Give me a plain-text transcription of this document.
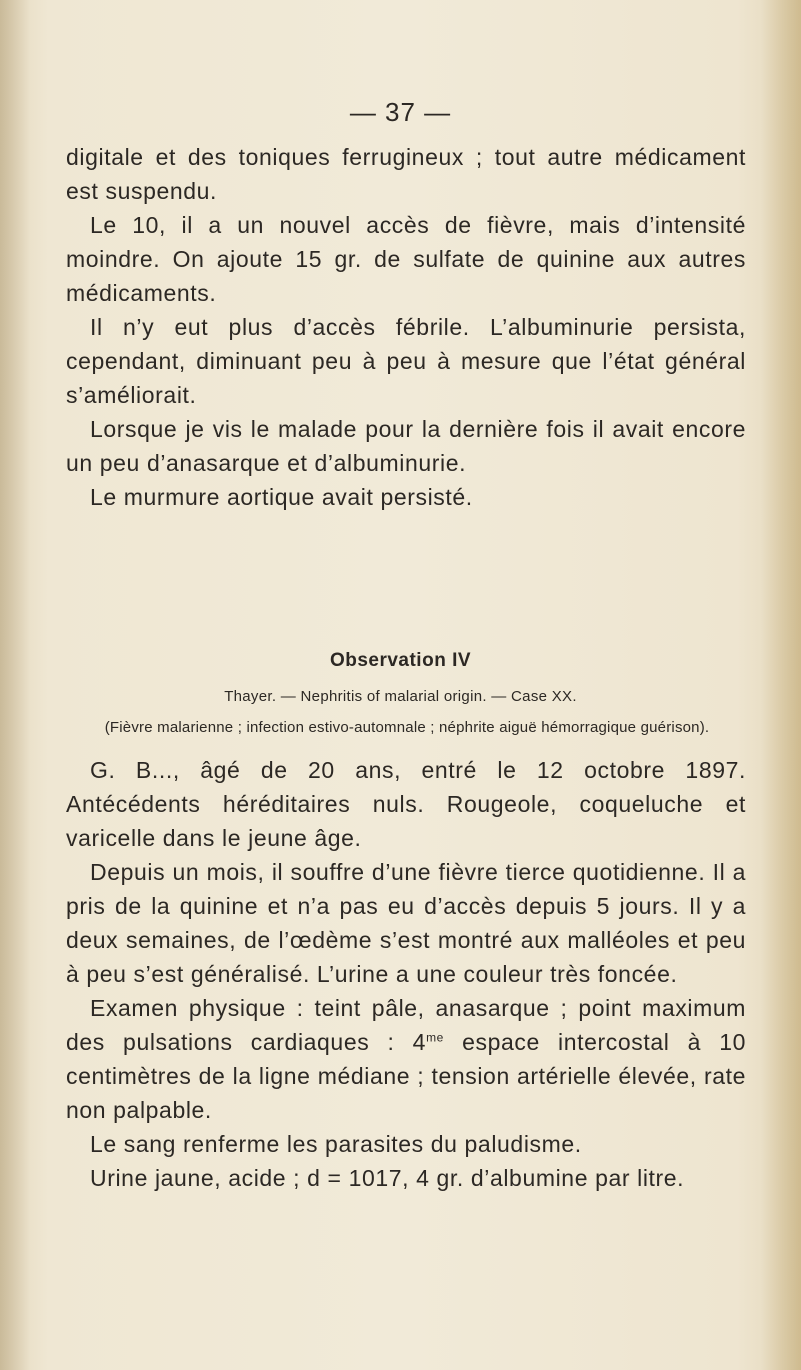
— 37 —

digitale et des toniques ferrugineux ; tout autre médicament est suspendu.

Le 10, il a un nouvel accès de fièvre, mais d’intensité moindre. On ajoute 15 gr. de sulfate de quinine aux autres médicaments.

Il n’y eut plus d’accès fébrile. L’albuminurie persista, cependant, diminuant peu à peu à mesure que l’état général s’améliorait.

Lorsque je vis le malade pour la dernière fois il avait encore un peu d’anasarque et d’albuminurie.

Le murmure aortique avait persisté.

Observation IV
Thayer. — Nephritis of malarial origin. — Case XX.
(Fièvre malarienne ; infection estivo-automnale ; néphrite aiguë hémorragique guérison).

G. B..., âgé de 20 ans, entré le 12 octobre 1897. Antécédents héréditaires nuls. Rougeole, coqueluche et varicelle dans le jeune âge.

Depuis un mois, il souffre d’une fièvre tierce quotidienne. Il a pris de la quinine et n’a pas eu d’accès depuis 5 jours. Il y a deux semaines, de l’œdème s’est montré aux malléoles et peu à peu s’est généralisé. L’urine a une couleur très foncée.

Examen physique : teint pâle, anasarque ; point maximum des pulsations cardiaques : $4^{me}$ espace intercostal à 10 centimètres de la ligne médiane ; tension artérielle élevée, rate non palpable.

Le sang renferme les parasites du paludisme.

Urine jaune, acide ; d = 1017, 4 gr. d’albumine par litre.
